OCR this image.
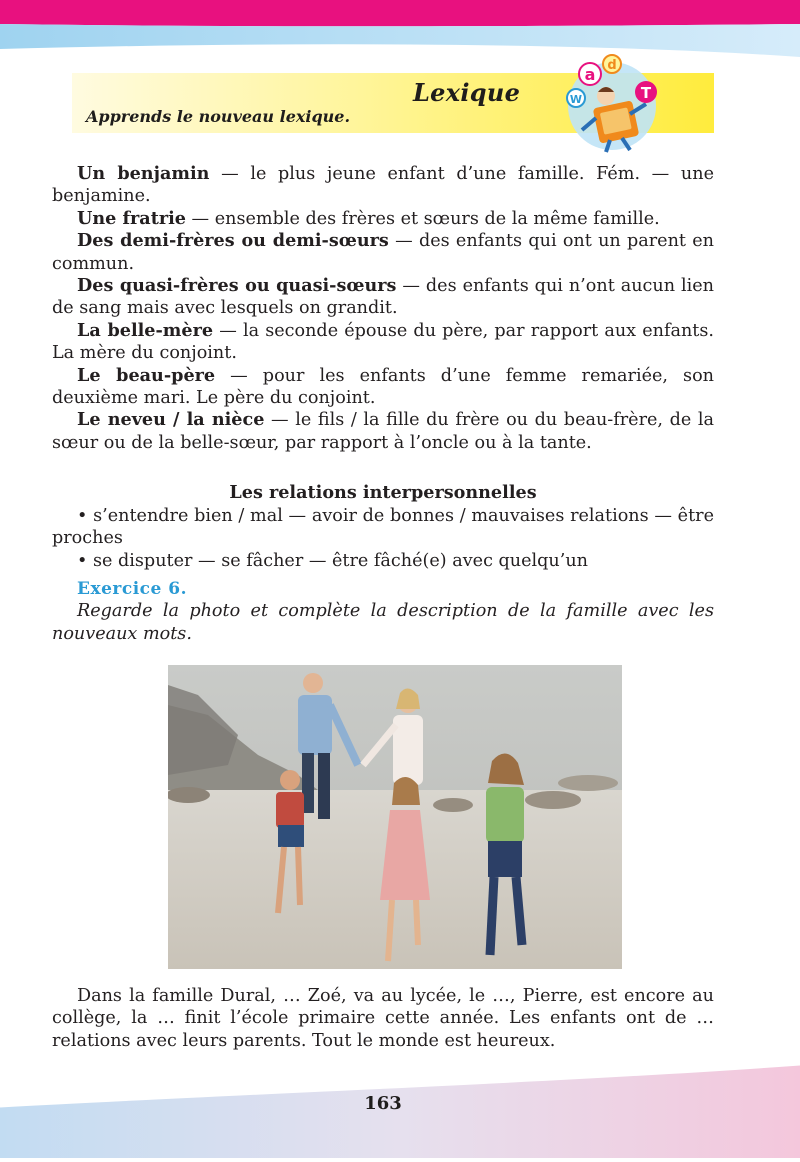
Lexique
Apprends le nouveau lexique.
a d
W	T

Un benjamin — le plus jeune enfant d’une famille. Fém. — une benjamine.

Une fratrie — ensemble des frères et sœurs de la même famille.

Des demi-frères ou demi-sœurs — des enfants qui ont un parent en commun.

Des quasi-frères ou quasi-sœurs — des enfants qui n’ont aucun lien de sang mais avec lesquels on grandit.

La belle-mère — la seconde épouse du père, par rapport aux enfants. La mère du conjoint.

Le beau-père — pour les enfants d’une femme remariée, son deuxième mari. Le père du conjoint.

Le neveu / la nièce — le fils / la fille du frère ou du beau-frère, de la sœur ou de la belle-sœur, par rapport à l’oncle ou à la tante.

Les relations interpersonnelles

• s’entendre bien / mal — avoir de bonnes / mauvaises relations — être proches

• se disputer — se fâcher — être fâché(e) avec quelqu’un

Exercice 6.

Regarde la photo et complète la description de la famille avec les nouveaux mots.

Dans la famille Dural, … Zoé, va au lycée, le …, Pierre, est encore au collège, la … finit l’école primaire cette année. Les enfants ont de … relations avec leurs parents. Tout le monde est heureux.

163
